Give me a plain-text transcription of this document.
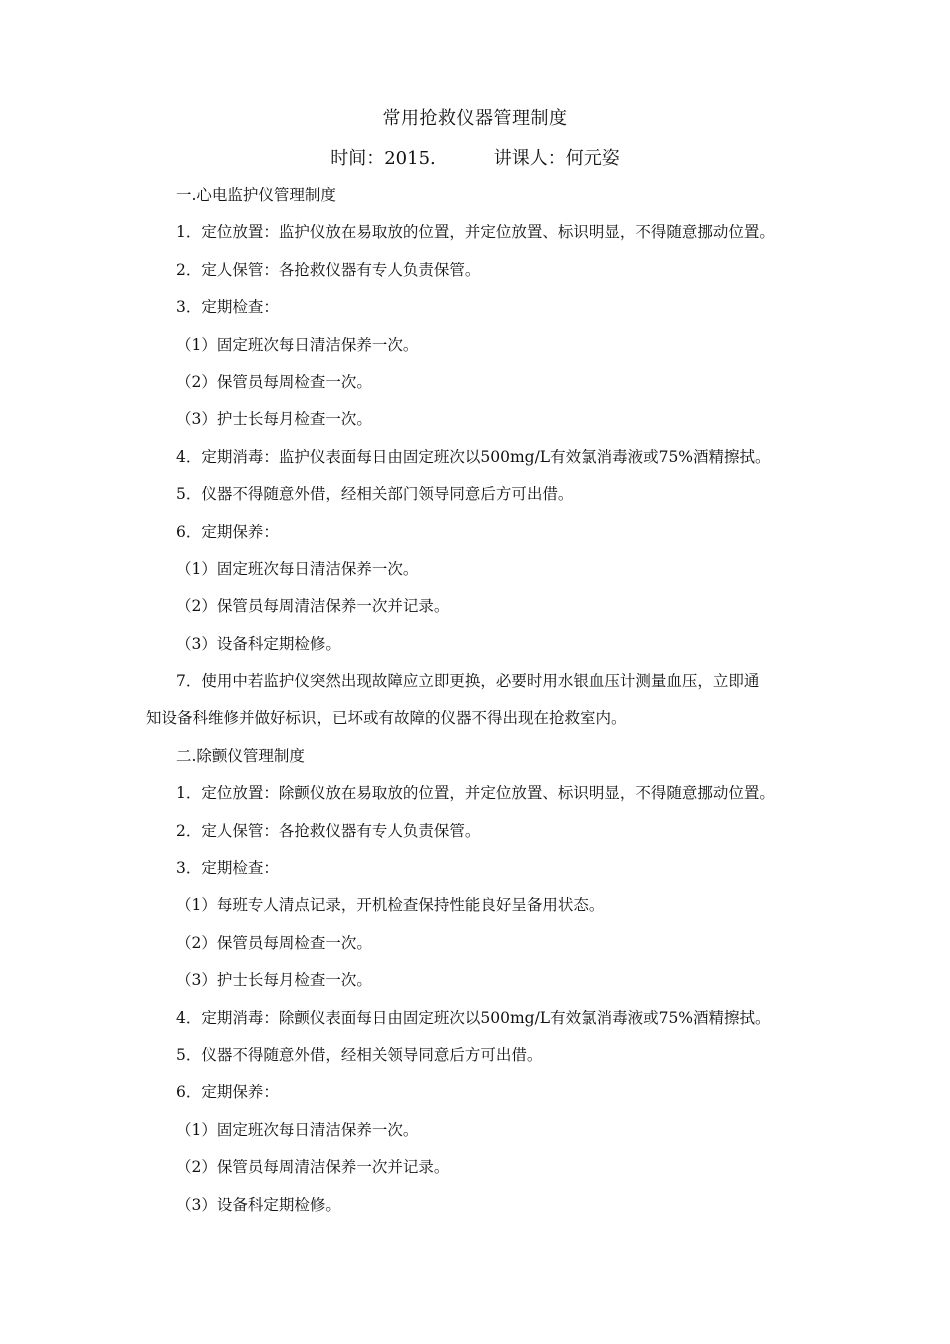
常用抢救仪器管理制度
时间：2015.	讲课人：何元姿
一.心电监护仪管理制度
1．定位放置：监护仪放在易取放的位置，并定位放置、标识明显，不得随意挪动位置。
2．定人保管：各抢救仪器有专人负责保管。
3．定期检查：
（1）固定班次每日清洁保养一次。
（2）保管员每周检查一次。
（3）护士长每月检查一次。
4．定期消毒：监护仪表面每日由固定班次以500mg/L有效氯消毒液或75%酒精擦拭。
5．仪器不得随意外借，经相关部门领导同意后方可出借。
6．定期保养：
（1）固定班次每日清洁保养一次。
（2）保管员每周清洁保养一次并记录。
（3）设备科定期检修。
7．使用中若监护仪突然出现故障应立即更换，必要时用水银血压计测量血压，立即通
知设备科维修并做好标识，已坏或有故障的仪器不得出现在抢救室内。
二.除颤仪管理制度
1．定位放置：除颤仪放在易取放的位置，并定位放置、标识明显，不得随意挪动位置。
2．定人保管：各抢救仪器有专人负责保管。
3．定期检查：
（1）每班专人清点记录，开机检查保持性能良好呈备用状态。
（2）保管员每周检查一次。
（3）护士长每月检查一次。
4．定期消毒：除颤仪表面每日由固定班次以500mg/L有效氯消毒液或75%酒精擦拭。
5．仪器不得随意外借，经相关领导同意后方可出借。
6．定期保养：
（1）固定班次每日清洁保养一次。
（2）保管员每周清洁保养一次并记录。
（3）设备科定期检修。
